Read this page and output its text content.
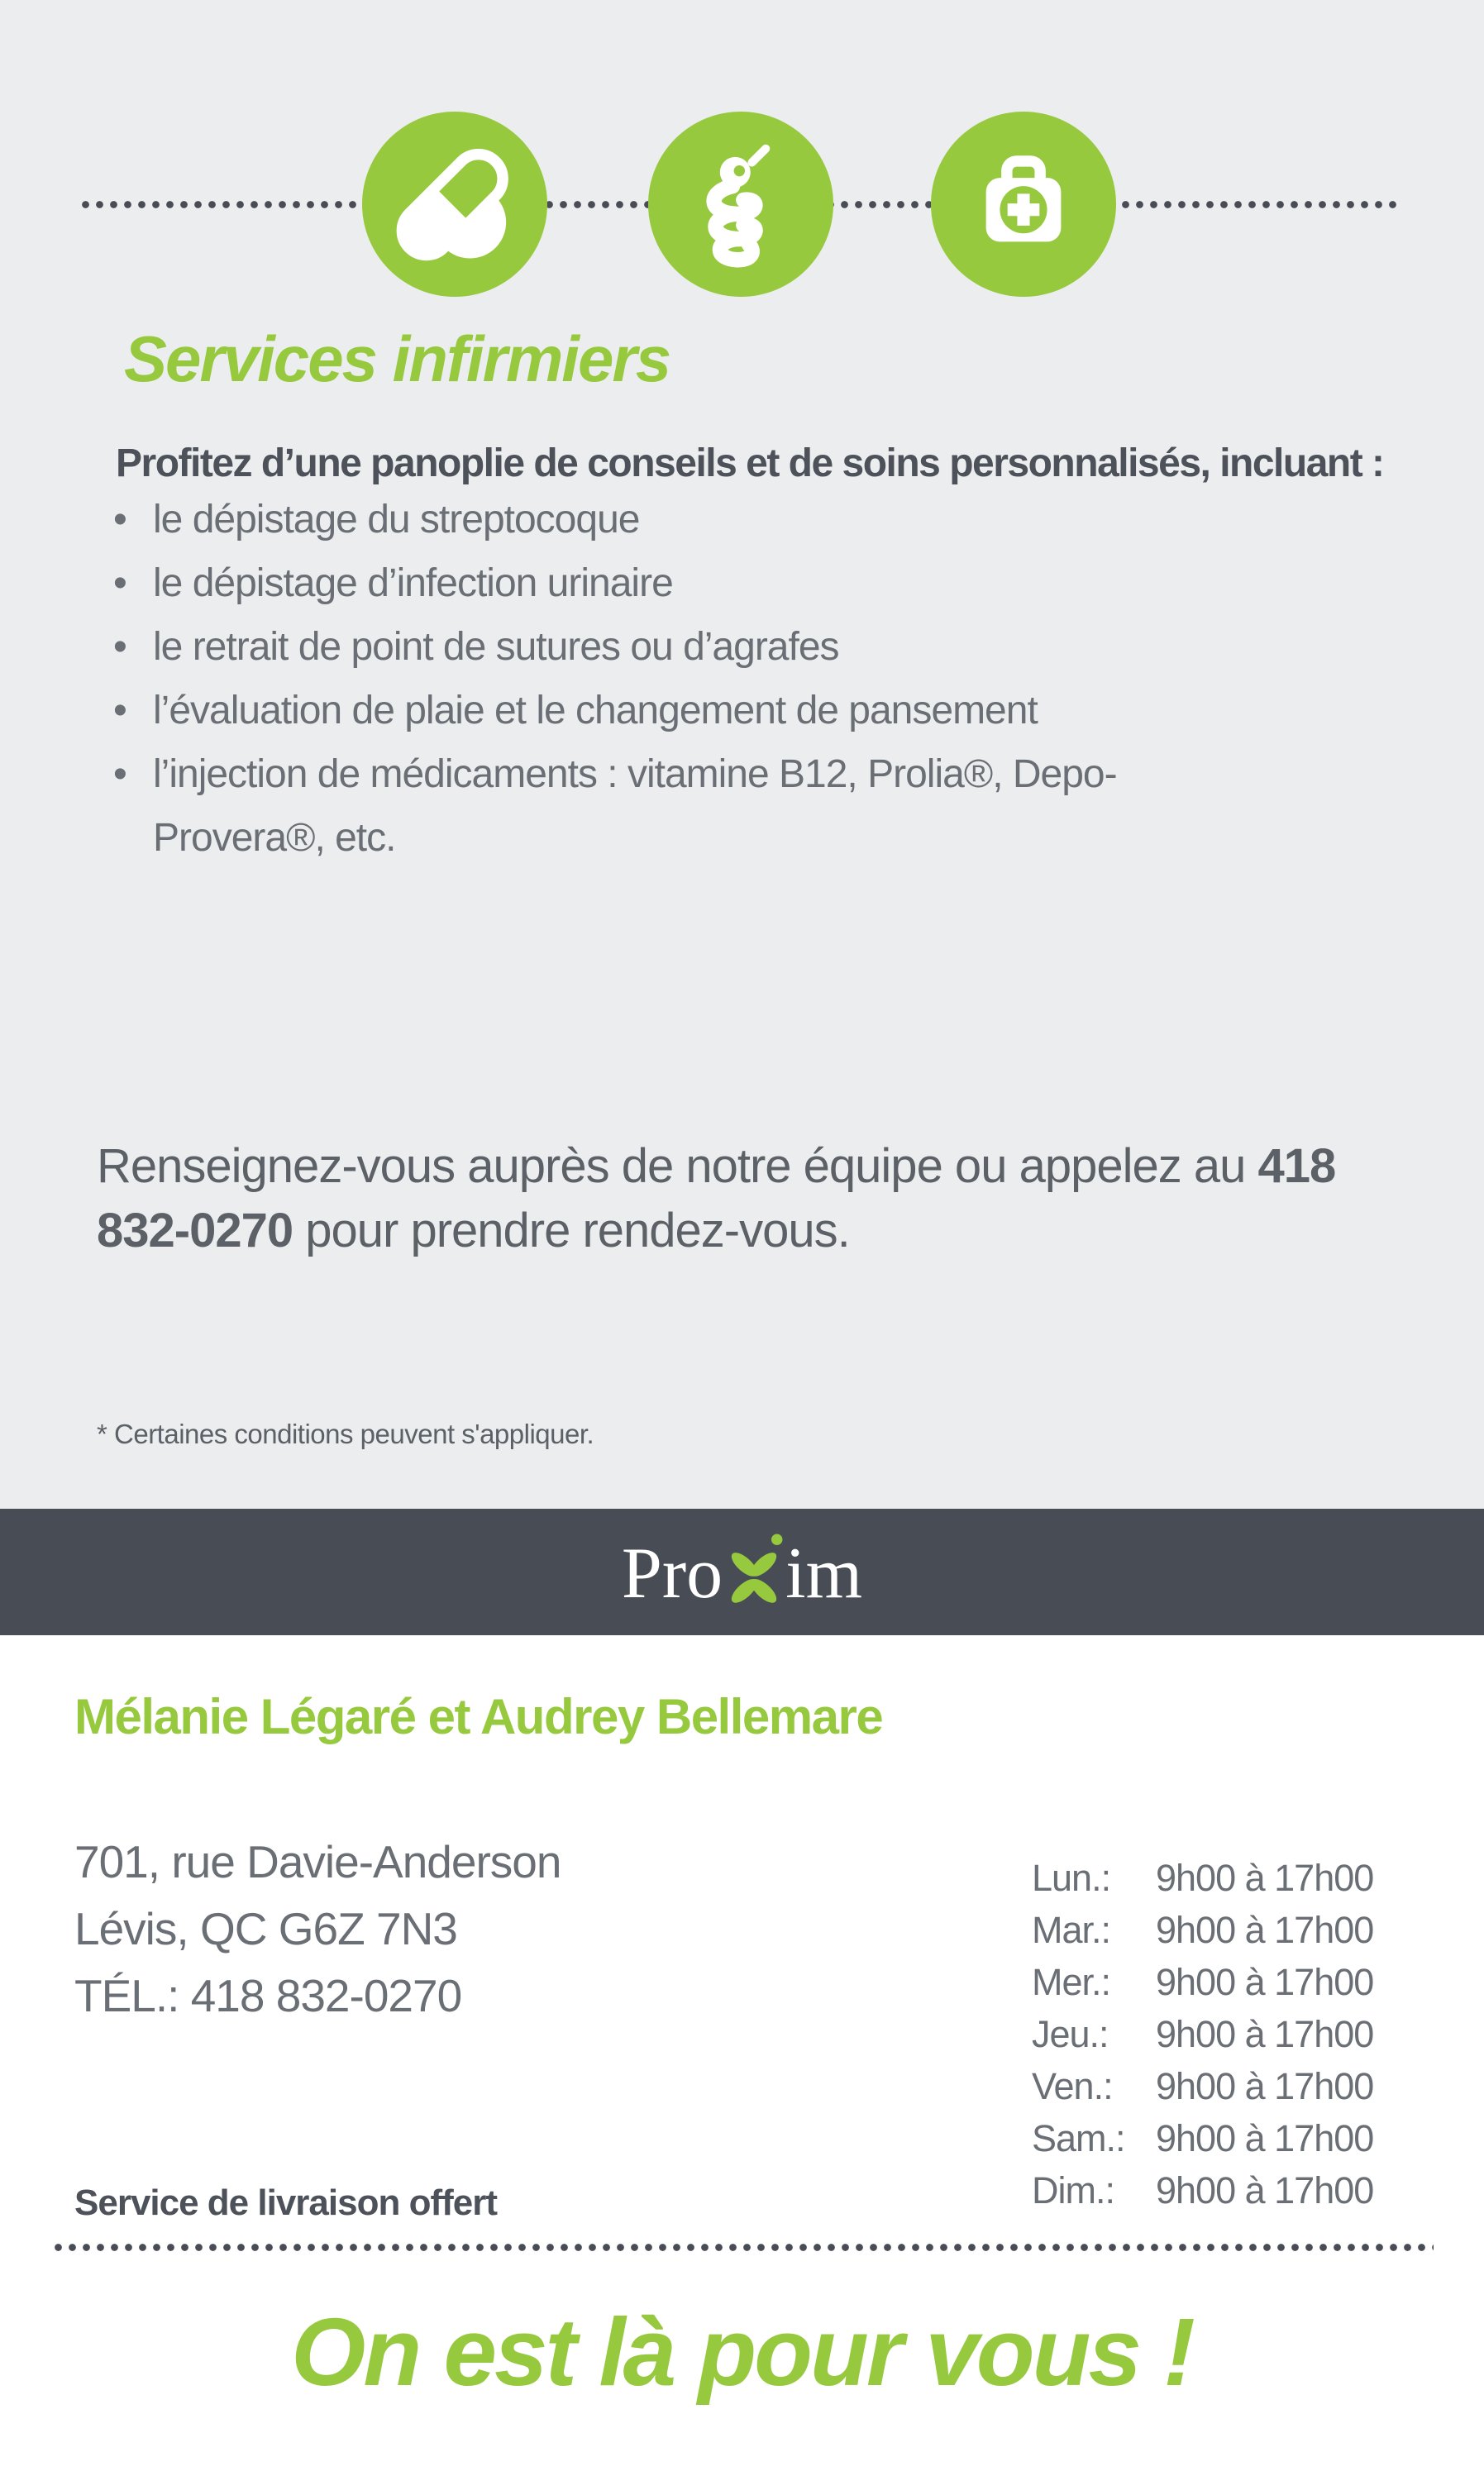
Services infirmiers

Profitez d’une panoplie de conseils et de soins personnalisés, incluant :

• le dépistage du streptocoque
• le dépistage d’infection urinaire
• le retrait de point de sutures ou d’agrafes
• l’évaluation de plaie et le changement de pansement
• l’injection de médicaments : vitamine B12, Prolia®, Depo-Provera®, etc.

Renseignez-vous auprès de notre équipe ou appelez au 418 832-0270 pour prendre rendez-vous.

* Certaines conditions peuvent s'appliquer.

Pro im
Mélanie Légaré et Audrey Bellemare
701, rue Davie-Anderson
Lévis, QC G6Z 7N3
TÉL.: 418 832-0270

Service de livraison offert

Lun.:	9h00 à 17h00
Mar.:	9h00 à 17h00
Mer.:	9h00 à 17h00
Jeu.:	9h00 à 17h00
Ven.:	9h00 à 17h00
Sam.: 9h00 à 17h00
Dim.:	9h00 à 17h00

On est là pour vous !
